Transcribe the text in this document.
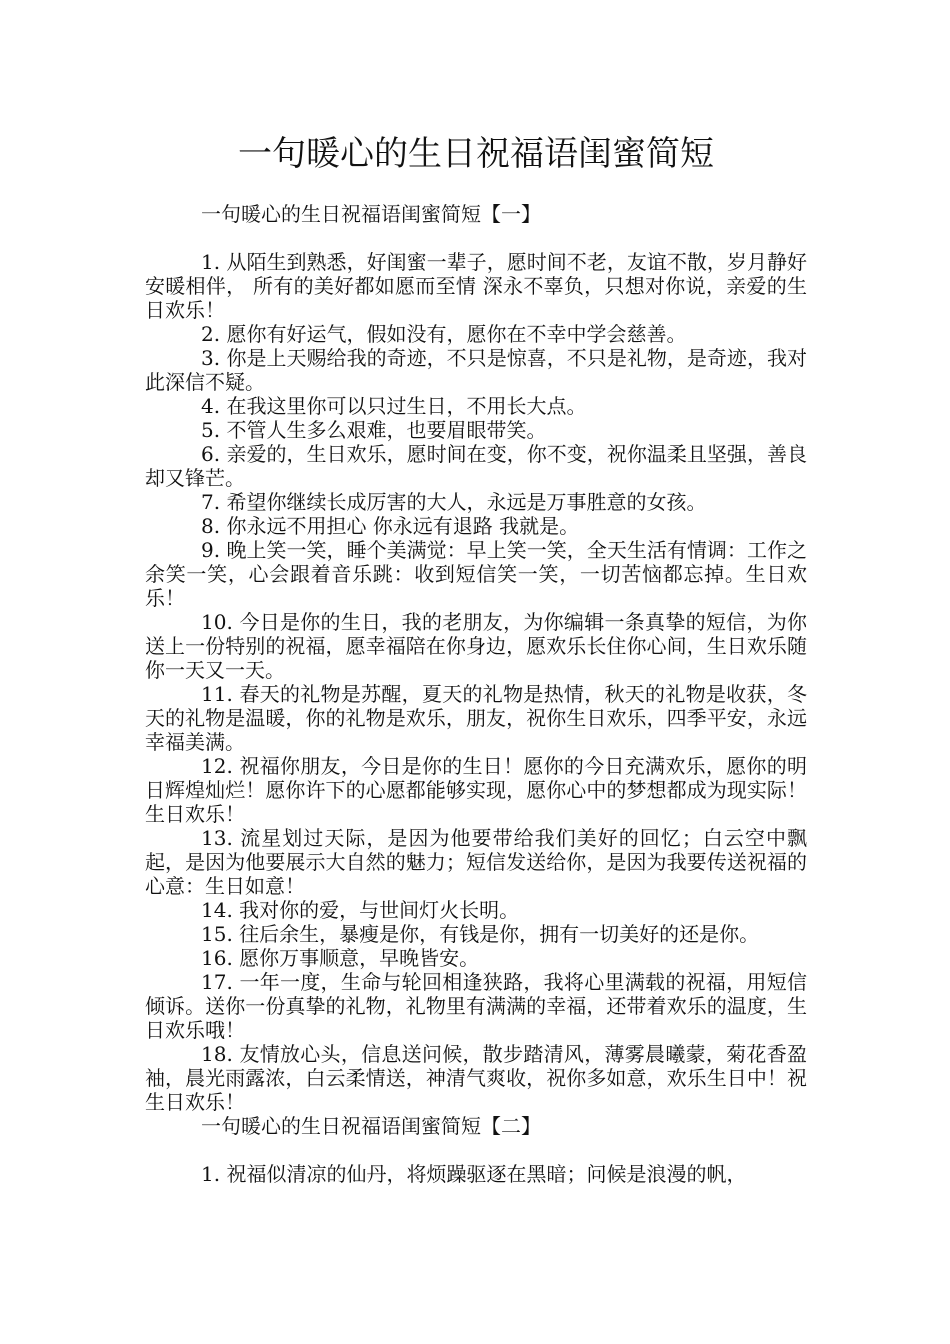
一句暖心的生日祝福语闺蜜简短

一句暖心的生日祝福语闺蜜简短【一】

1. 从陌生到熟悉，好闺蜜一辈子，愿时间不老，友谊不散，岁月静好 安暖相伴， 所有的美好都如愿而至情 深永不辜负，只想对你说，亲爱的生日欢乐！

2. 愿你有好运气，假如没有，愿你在不幸中学会慈善。

3. 你是上天赐给我的奇迹，不只是惊喜，不只是礼物，是奇迹，我对此深信不疑。

4. 在我这里你可以只过生日，不用长大点。

5. 不管人生多么艰难，也要眉眼带笑。

6. 亲爱的，生日欢乐，愿时间在变，你不变，祝你温柔且坚强，善良却又锋芒。

7. 希望你继续长成厉害的大人，永远是万事胜意的女孩。

8. 你永远不用担心 你永远有退路 我就是。

9. 晚上笑一笑，睡个美满觉：早上笑一笑，全天生活有情调：工作之余笑一笑，心会跟着音乐跳：收到短信笑一笑，一切苦恼都忘掉。生日欢乐！

10. 今日是你的生日，我的老朋友，为你编辑一条真挚的短信，为你送上一份特别的祝福，愿幸福陪在你身边，愿欢乐长住你心间，生日欢乐随你一天又一天。

11. 春天的礼物是苏醒，夏天的礼物是热情，秋天的礼物是收获，冬天的礼物是温暖，你的礼物是欢乐，朋友，祝你生日欢乐，四季平安，永远幸福美满。

12. 祝福你朋友，今日是你的生日！愿你的今日充满欢乐，愿你的明日辉煌灿烂！愿你许下的心愿都能够实现，愿你心中的梦想都成为现实际！生日欢乐！

13. 流星划过天际，是因为他要带给我们美好的回忆；白云空中飘起，是因为他要展示大自然的魅力；短信发送给你，是因为我要传送祝福的心意：生日如意！

14. 我对你的爱，与世间灯火长明。

15. 往后余生，暴瘦是你，有钱是你，拥有一切美好的还是你。

16. 愿你万事顺意，早晚皆安。

17. 一年一度，生命与轮回相逢狭路，我将心里满载的祝福，用短信倾诉。送你一份真挚的礼物，礼物里有满满的幸福，还带着欢乐的温度，生日欢乐哦！

18. 友情放心头，信息送问候，散步踏清风，薄雾晨曦蒙，菊花香盈袖，晨光雨露浓，白云柔情送，神清气爽收，祝你多如意，欢乐生日中！祝生日欢乐！

一句暖心的生日祝福语闺蜜简短【二】

1. 祝福似清凉的仙丹，将烦躁驱逐在黑暗；问候是浪漫的帆，
